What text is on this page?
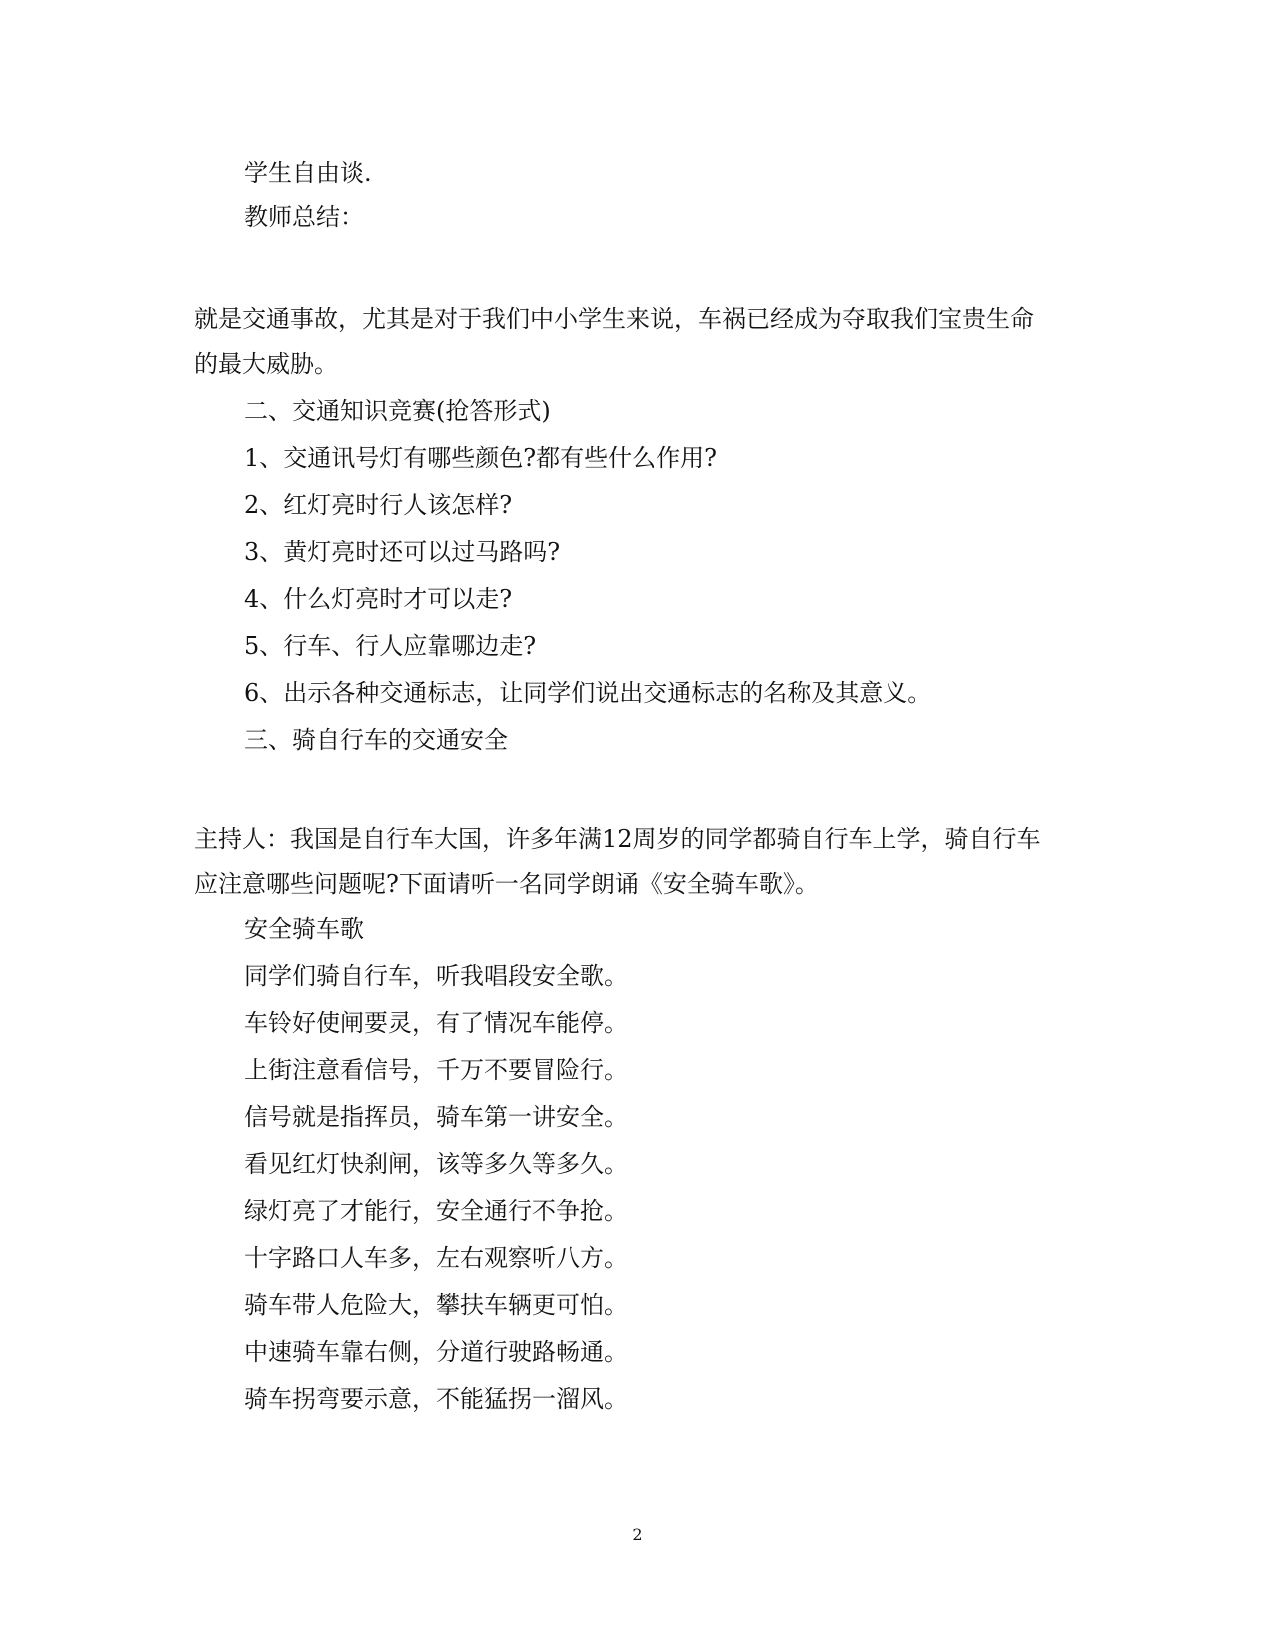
学生自由谈.
教师总结：
就是交通事故，尤其是对于我们中小学生来说，车祸已经成为夺取我们宝贵生命
的最大威胁。
二、交通知识竞赛(抢答形式)
1、交通讯号灯有哪些颜色?都有些什么作用?
2、红灯亮时行人该怎样?
3、黄灯亮时还可以过马路吗?
4、什么灯亮时才可以走?
5、行车、行人应靠哪边走?
6、出示各种交通标志，让同学们说出交通标志的名称及其意义。
三、骑自行车的交通安全
主持人：我国是自行车大国，许多年满12周岁的同学都骑自行车上学，骑自行车
应注意哪些问题呢?下面请听一名同学朗诵《安全骑车歌》。
安全骑车歌
同学们骑自行车，听我唱段安全歌。
车铃好使闸要灵，有了情况车能停。
上街注意看信号，千万不要冒险行。
信号就是指挥员，骑车第一讲安全。
看见红灯快刹闸，该等多久等多久。
绿灯亮了才能行，安全通行不争抢。
十字路口人车多，左右观察听八方。
骑车带人危险大，攀扶车辆更可怕。
中速骑车靠右侧，分道行驶路畅通。
骑车拐弯要示意，不能猛拐一溜风。
2
